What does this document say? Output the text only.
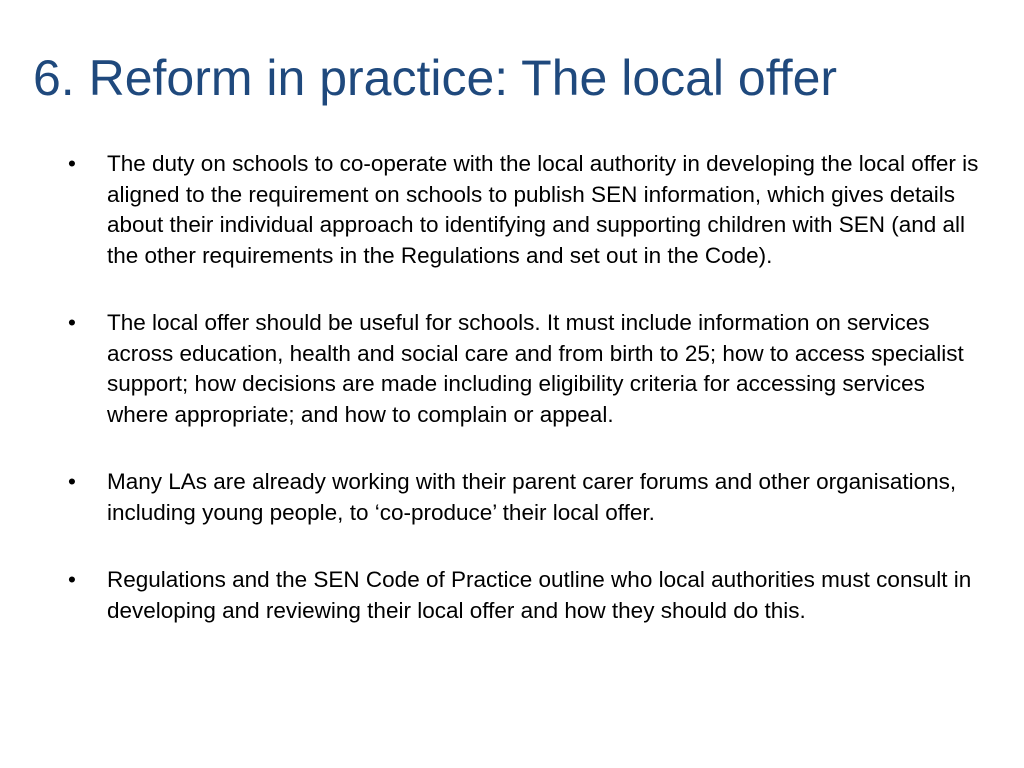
6. Reform in practice: The local offer
• The duty on schools to co-operate with the local authority in developing the local offer is aligned to the requirement on schools to publish SEN information, which gives details about their individual approach to identifying and supporting children with SEN (and all the other requirements in the Regulations and set out in the Code).
• The local offer should be useful for schools. It must include information on services across education, health and social care and from birth to 25; how to access specialist support; how decisions are made including eligibility criteria for accessing services where appropriate; and how to complain or appeal.
• Many LAs are already working with their parent carer forums and other organisations, including young people, to ‘co-produce’ their local offer.
• Regulations and the SEN Code of Practice outline who local authorities must consult in developing and reviewing their local offer and how they should do this.
